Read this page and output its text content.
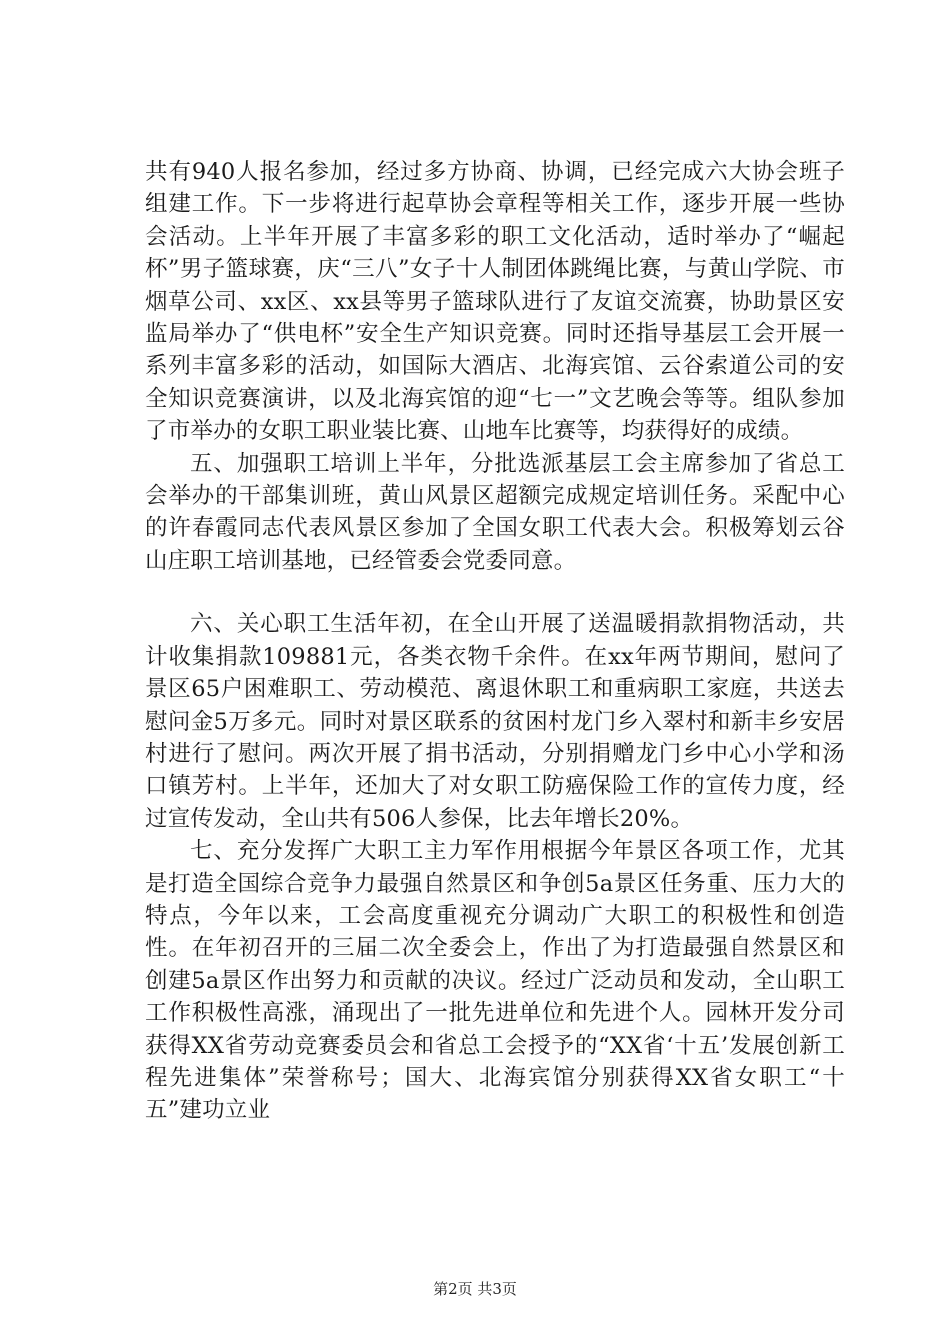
共有940人报名参加，经过多方协商、协调，已经完成六大协会班子组建工作。下一步将进行起草协会章程等相关工作，逐步开展一些协会活动。上半年开展了丰富多彩的职工文化活动，适时举办了“崛起杯”男子篮球赛，庆“三八”女子十人制团体跳绳比赛，与黄山学院、市烟草公司、xx区、xx县等男子篮球队进行了友谊交流赛，协助景区安监局举办了“供电杯”安全生产知识竞赛。同时还指导基层工会开展一系列丰富多彩的活动，如国际大酒店、北海宾馆、云谷索道公司的安全知识竞赛演讲，以及北海宾馆的迎“七一”文艺晚会等等。组队参加了市举办的女职工职业装比赛、山地车比赛等，均获得好的成绩。

五、加强职工培训上半年，分批选派基层工会主席参加了省总工会举办的干部集训班，黄山风景区超额完成规定培训任务。采配中心的许春霞同志代表风景区参加了全国女职工代表大会。积极筹划云谷山庄职工培训基地，已经管委会党委同意。

六、关心职工生活年初，在全山开展了送温暖捐款捐物活动，共计收集捐款109881元，各类衣物千余件。在xx年两节期间，慰问了景区65户困难职工、劳动模范、离退休职工和重病职工家庭，共送去慰问金5万多元。同时对景区联系的贫困村龙门乡入翠村和新丰乡安居村进行了慰问。两次开展了捐书活动，分别捐赠龙门乡中心小学和汤口镇芳村。上半年，还加大了对女职工防癌保险工作的宣传力度，经过宣传发动，全山共有506人参保，比去年增长20%。

七、充分发挥广大职工主力军作用根据今年景区各项工作，尤其是打造全国综合竞争力最强自然景区和争创5a景区任务重、压力大的特点，今年以来，工会高度重视充分调动广大职工的积极性和创造性。在年初召开的三届二次全委会上，作出了为打造最强自然景区和创建5a景区作出努力和贡献的决议。经过广泛动员和发动，全山职工工作积极性高涨，涌现出了一批先进单位和先进个人。园林开发分司获得XX省劳动竞赛委员会和省总工会授予的“XX省‘十五’发展创新工程先进集体”荣誉称号；国大、北海宾馆分别获得XX省女职工“十五”建功立业

第2页 共3页
